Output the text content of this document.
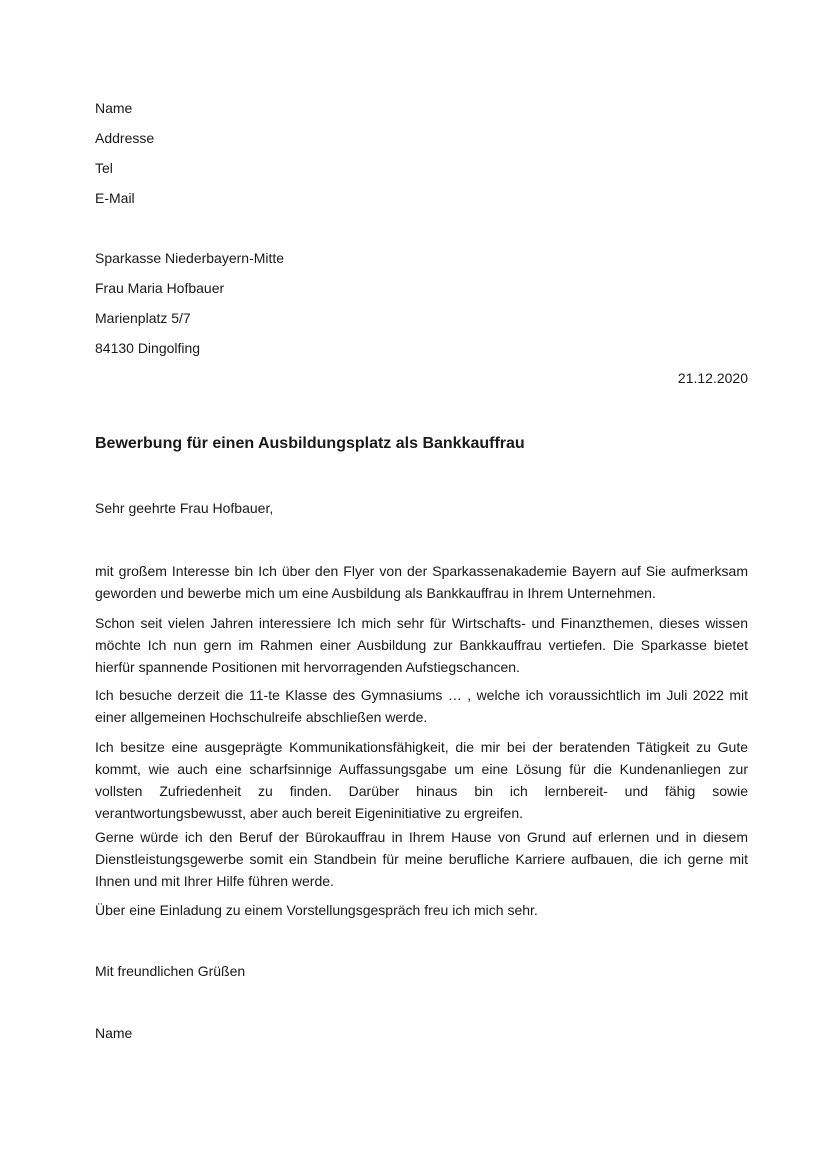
Name
Addresse
Tel
E-Mail
Sparkasse Niederbayern-Mitte
Frau Maria Hofbauer
Marienplatz 5/7
84130 Dingolfing
21.12.2020
Bewerbung für einen Ausbildungsplatz als Bankkauffrau
Sehr geehrte Frau Hofbauer,
mit großem Interesse bin Ich über den Flyer von der Sparkassenakademie Bayern auf Sie aufmerksam geworden und bewerbe mich um eine Ausbildung als Bankkauffrau in Ihrem Unternehmen.
Schon seit vielen Jahren interessiere Ich mich sehr für Wirtschafts- und Finanzthemen, dieses wissen möchte Ich nun gern im Rahmen einer Ausbildung zur Bankkauffrau vertiefen. Die Sparkasse bietet hierfür spannende Positionen mit hervorragenden Aufstiegschancen.
Ich besuche derzeit die 11-te Klasse des Gymnasiums … , welche ich voraussichtlich im Juli 2022 mit einer allgemeinen Hochschulreife abschließen werde.
Ich besitze eine ausgeprägte Kommunikationsfähigkeit, die mir bei der beratenden Tätigkeit zu Gute kommt, wie auch eine scharfsinnige Auffassungsgabe um eine Lösung für die Kundenanliegen zur vollsten Zufriedenheit zu finden. Darüber hinaus bin ich lernbereit- und fähig sowie verantwortungsbewusst, aber auch bereit Eigeninitiative zu ergreifen.
Gerne würde ich den Beruf der Bürokauffrau in Ihrem Hause von Grund auf erlernen und in diesem Dienstleistungsgewerbe somit ein Standbein für meine berufliche Karriere aufbauen, die ich gerne mit Ihnen und mit Ihrer Hilfe führen werde.
Über eine Einladung zu einem Vorstellungsgespräch freu ich mich sehr.
Mit freundlichen Grüßen
Name
